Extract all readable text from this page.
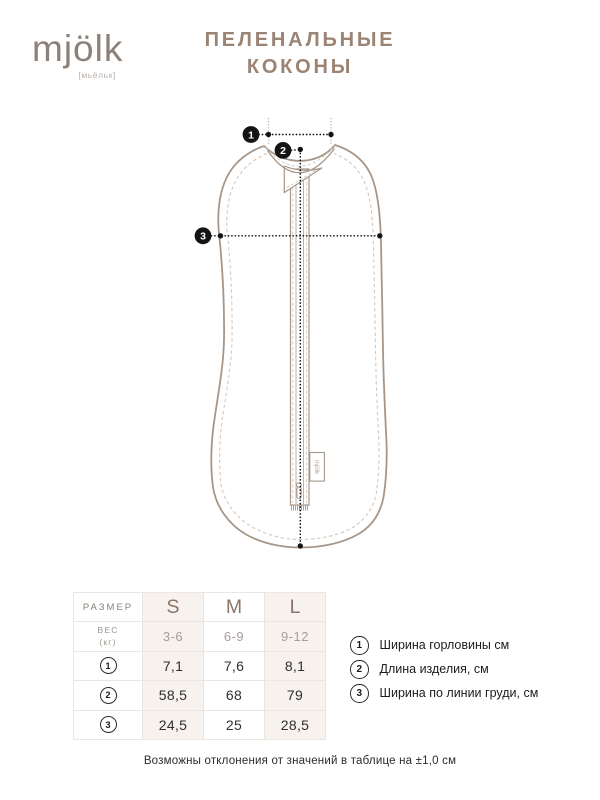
mjölk
[мьёльк]
ПЕЛЕНАЛЬНЫЕ
КОКОНЫ
mjölk
1
2
3
РАЗМЕР S M L
ВЕС
(кг)	3-6	6-9	9-12
1	7,1	7,6	8,1
2	58,5	68	79
3	24,5	25	28,5
1	Ширина горловины см
2	Длина изделия, см
3	Ширина по линии груди, см
Возможны отклонения от значений в таблице на ±1,0 см
